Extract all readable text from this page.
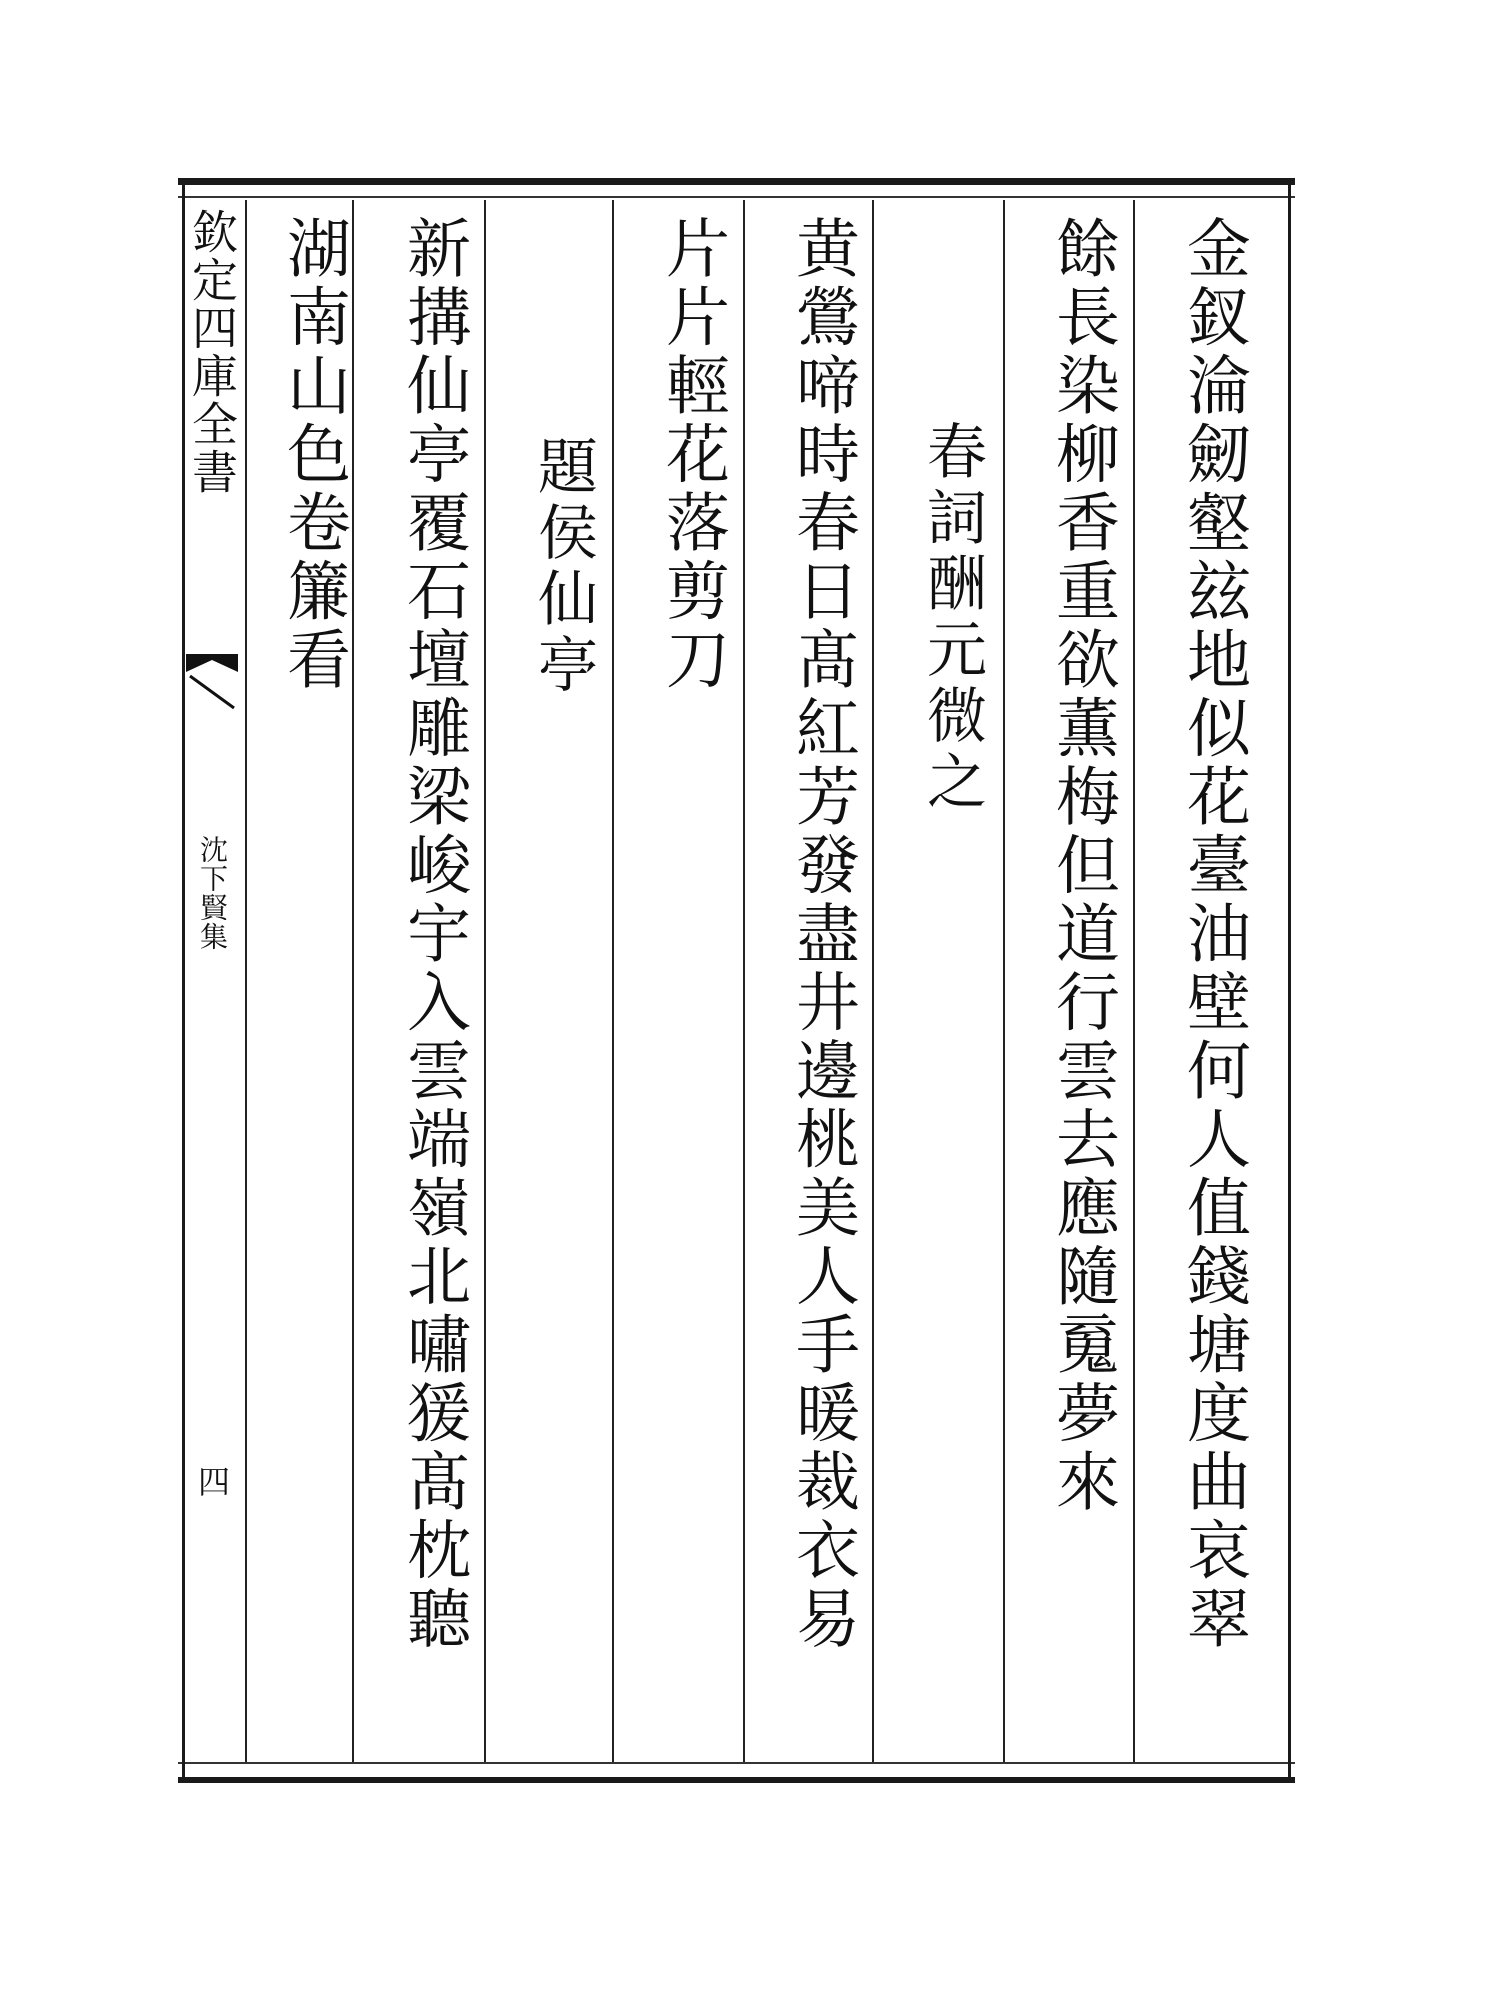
欽定四庫全書
沈下賢集
四	金釵淪劒壑玆地似花臺油壁何人值錢塘度曲哀翠
餘長染柳香重欲薫梅但道行雲去應隨䰟夢來
春詞酬元微之
黄鶯啼時春日髙紅芳發盡井邊桃美人手暖裁衣易
片片輕花落剪刀
題侯仙亭
新搆仙亭覆石壇雕梁峻宇入雲端嶺北嘯猨髙枕聽
湖南山色卷簾看
